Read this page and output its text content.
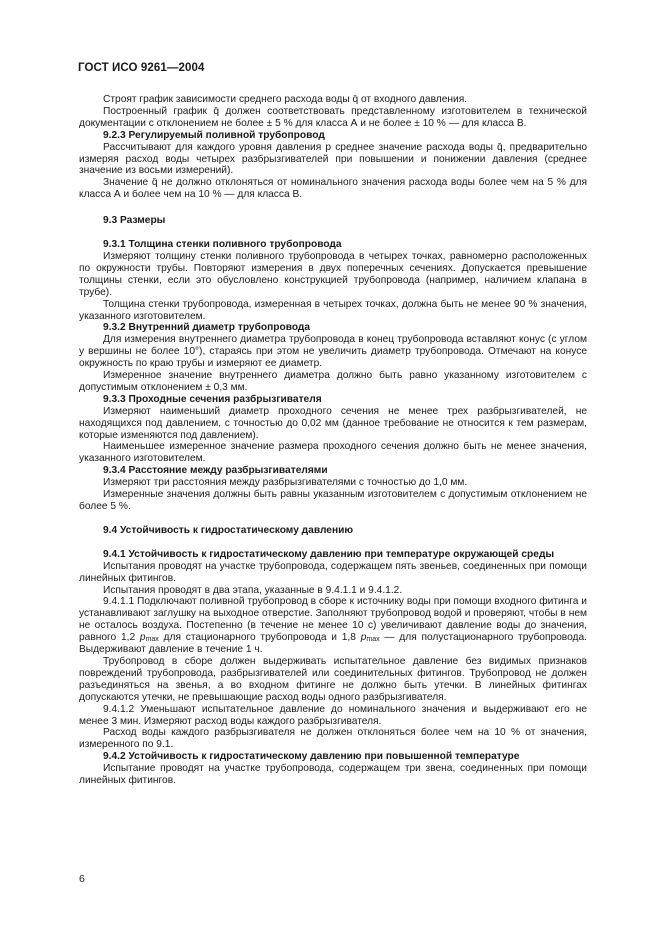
ГОСТ ИСО 9261—2004

Строят график зависимости среднего расхода воды q̄ от входного давления.

Построенный график q̄ должен соответствовать представленному изготовителем в технической документации с отклонением не более ± 5 % для класса А и не более ± 10 % — для класса В.

9.2.3 Регулируемый поливной трубопровод

Рассчитывают для каждого уровня давления p среднее значение расхода воды q̄, предварительно измеряя расход воды четырех разбрызгивателей при повышении и понижении давления (среднее значение из восьми измерений).

Значение q̄ не должно отклоняться от номинального значения расхода воды более чем на 5 % для класса А и более чем на 10 % — для класса В.

9.3 Размеры

9.3.1 Толщина стенки поливного трубопровода

Измеряют толщину стенки поливного трубопровода в четырех точках, равномерно расположенных по окружности трубы. Повторяют измерения в двух поперечных сечениях. Допускается превышение толщины стенки, если это обусловлено конструкцией трубопровода (например, наличием клапана в трубе).

Толщина стенки трубопровода, измеренная в четырех точках, должна быть не менее 90 % значения, указанного изготовителем.

9.3.2 Внутренний диаметр трубопровода

Для измерения внутреннего диаметра трубопровода в конец трубопровода вставляют конус (с углом у вершины не более 10°), стараясь при этом не увеличить диаметр трубопровода. Отмечают на конусе окружность по краю трубы и измеряют ее диаметр.

Измеренное значение внутреннего диаметра должно быть равно указанному изготовителем с допустимым отклонением ± 0,3 мм.

9.3.3 Проходные сечения разбрызгивателя

Измеряют наименьший диаметр проходного сечения не менее трех разбрызгивателей, не находящихся под давлением, с точностью до 0,02 мм (данное требование не относится к тем размерам, которые изменяются под давлением).

Наименьшее измеренное значение размера проходного сечения должно быть не менее значения, указанного изготовителем.

9.3.4 Расстояние между разбрызгивателями

Измеряют три расстояния между разбрызгивателями с точностью до 1,0 мм.

Измеренные значения должны быть равны указанным изготовителем с допустимым отклонением не более 5 %.

9.4 Устойчивость к гидростатическому давлению

9.4.1 Устойчивость к гидростатическому давлению при температуре окружающей среды

Испытания проводят на участке трубопровода, содержащем пять звеньев, соединенных при помощи линейных фитингов.

Испытания проводят в два этапа, указанные в 9.4.1.1 и 9.4.1.2.

9.4.1.1 Подключают поливной трубопровод в сборе к источнику воды при помощи входного фитинга и устанавливают заглушку на выходное отверстие. Заполняют трубопровод водой и проверяют, чтобы в нем не осталось воздуха. Постепенно (в течение не менее 10 с) увеличивают давление воды до значения, равного 1,2 $p_{max}$ для стационарного трубопровода и 1,8 $p_{max}$ — для полустационарного трубопровода. Выдерживают давление в течение 1 ч.

Трубопровод в сборе должен выдерживать испытательное давление без видимых признаков повреждений трубопровода, разбрызгивателей или соединительных фитингов. Трубопровод не должен разъединяться на звенья, а во входном фитинге не должно быть утечки. В линейных фитингах допускаются утечки, не превышающие расход воды одного разбрызгивателя.

9.4.1.2 Уменьшают испытательное давление до номинального значения и выдерживают его не менее 3 мин. Измеряют расход воды каждого разбрызгивателя.

Расход воды каждого разбрызгивателя не должен отклоняться более чем на 10 % от значения, измеренного по 9.1.

9.4.2 Устойчивость к гидростатическому давлению при повышенной температуре

Испытание проводят на участке трубопровода, содержащем три звена, соединенных при помощи линейных фитингов.

6
